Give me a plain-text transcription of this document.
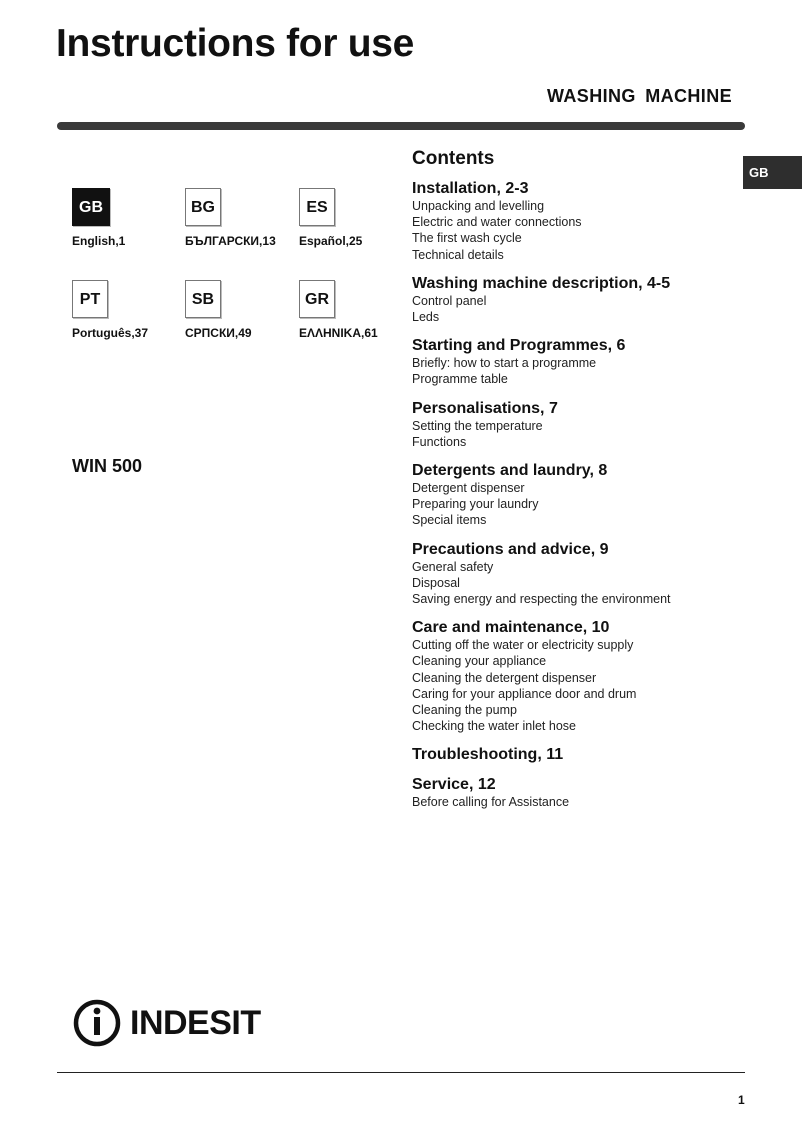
Instructions for use
WASHING MACHINE
GB
GB
English,1
BG
БЪЛГАРСКИ,13
ES
Español,25
PT
Português,37
SB
СРПСКИ,49
GR
ΕΛΛΗΝΙΚΑ,61
WIN 500
Contents
Installation, 2-3
Unpacking and levelling
Electric and water connections
The first wash cycle
Technical details
Washing machine description, 4-5
Control panel
Leds
Starting and Programmes, 6
Briefly: how to start a programme
Programme table
Personalisations, 7
Setting the temperature
Functions
Detergents and laundry, 8
Detergent dispenser
Preparing your laundry
Special items
Precautions and advice, 9
General safety
Disposal
Saving energy and respecting the environment
Care and maintenance, 10
Cutting off the water or electricity supply
Cleaning your appliance
Cleaning the detergent dispenser
Caring for your appliance door and drum
Cleaning the pump
Checking the water inlet hose
Troubleshooting, 11
Service, 12
Before calling for Assistance
INDESIT
1
